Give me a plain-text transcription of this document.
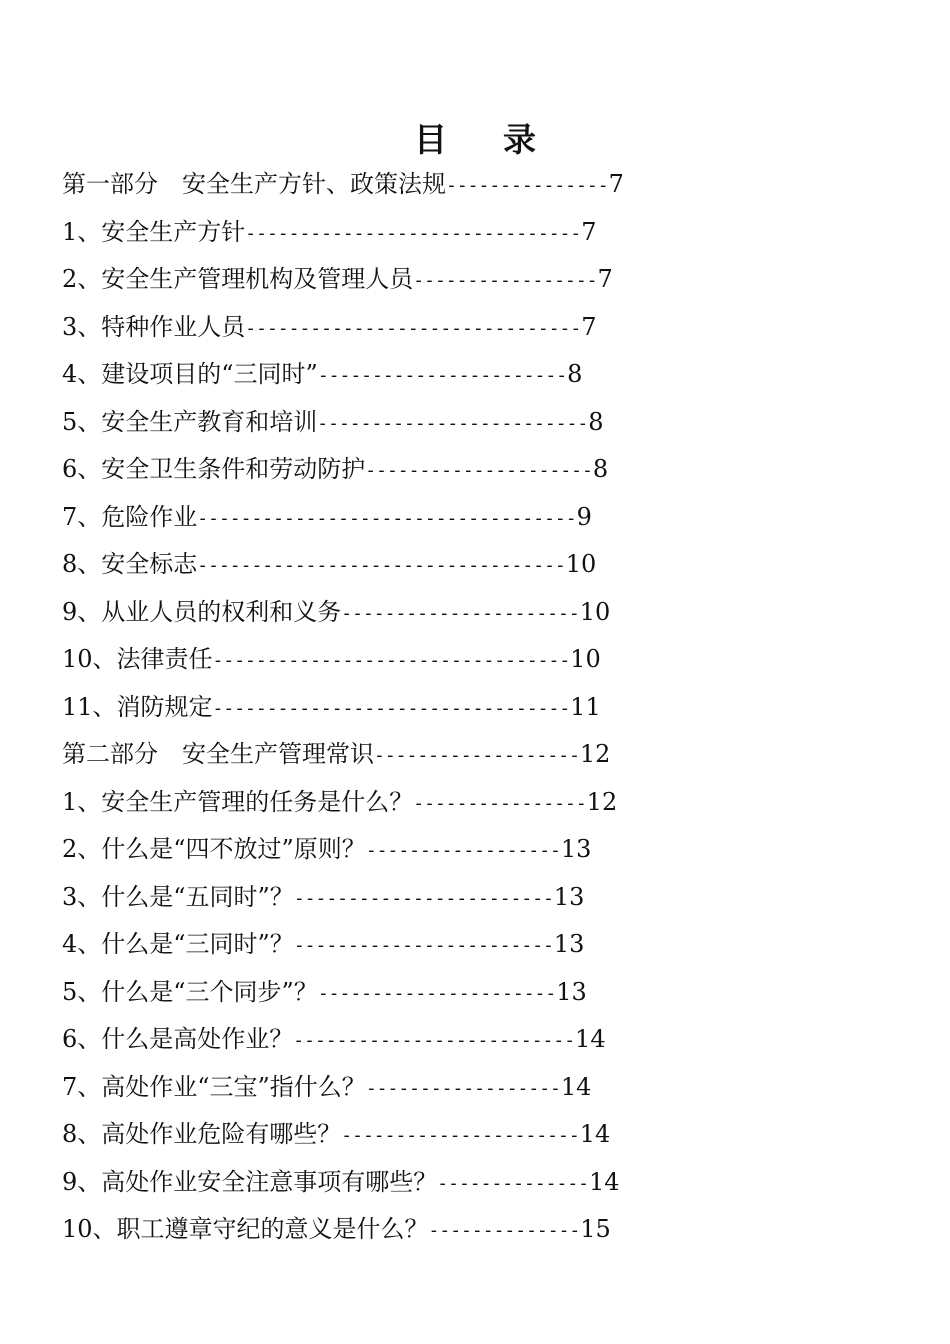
目 录
第一部分　安全生产方针、政策法规---------------7
1、安全生产方针-------------------------------7
2、安全生产管理机构及管理人员-----------------7
3、特种作业人员-------------------------------7
4、建设项目的“三同时”-----------------------8
5、安全生产教育和培训-------------------------8
6、安全卫生条件和劳动防护---------------------8
7、危险作业-----------------------------------9
8、安全标志----------------------------------10
9、从业人员的权利和义务----------------------10
10、法律责任---------------------------------10
11、消防规定---------------------------------11
第二部分　安全生产管理常识-------------------12
1、安全生产管理的任务是什么？----------------12
2、什么是“四不放过”原则？------------------13
3、什么是“五同时”？------------------------13
4、什么是“三同时”？------------------------13
5、什么是“三个同步”？----------------------13
6、什么是高处作业？--------------------------14
7、高处作业“三宝”指什么？------------------14
8、高处作业危险有哪些？----------------------14
9、高处作业安全注意事项有哪些？--------------14
10、职工遵章守纪的意义是什么？--------------15
